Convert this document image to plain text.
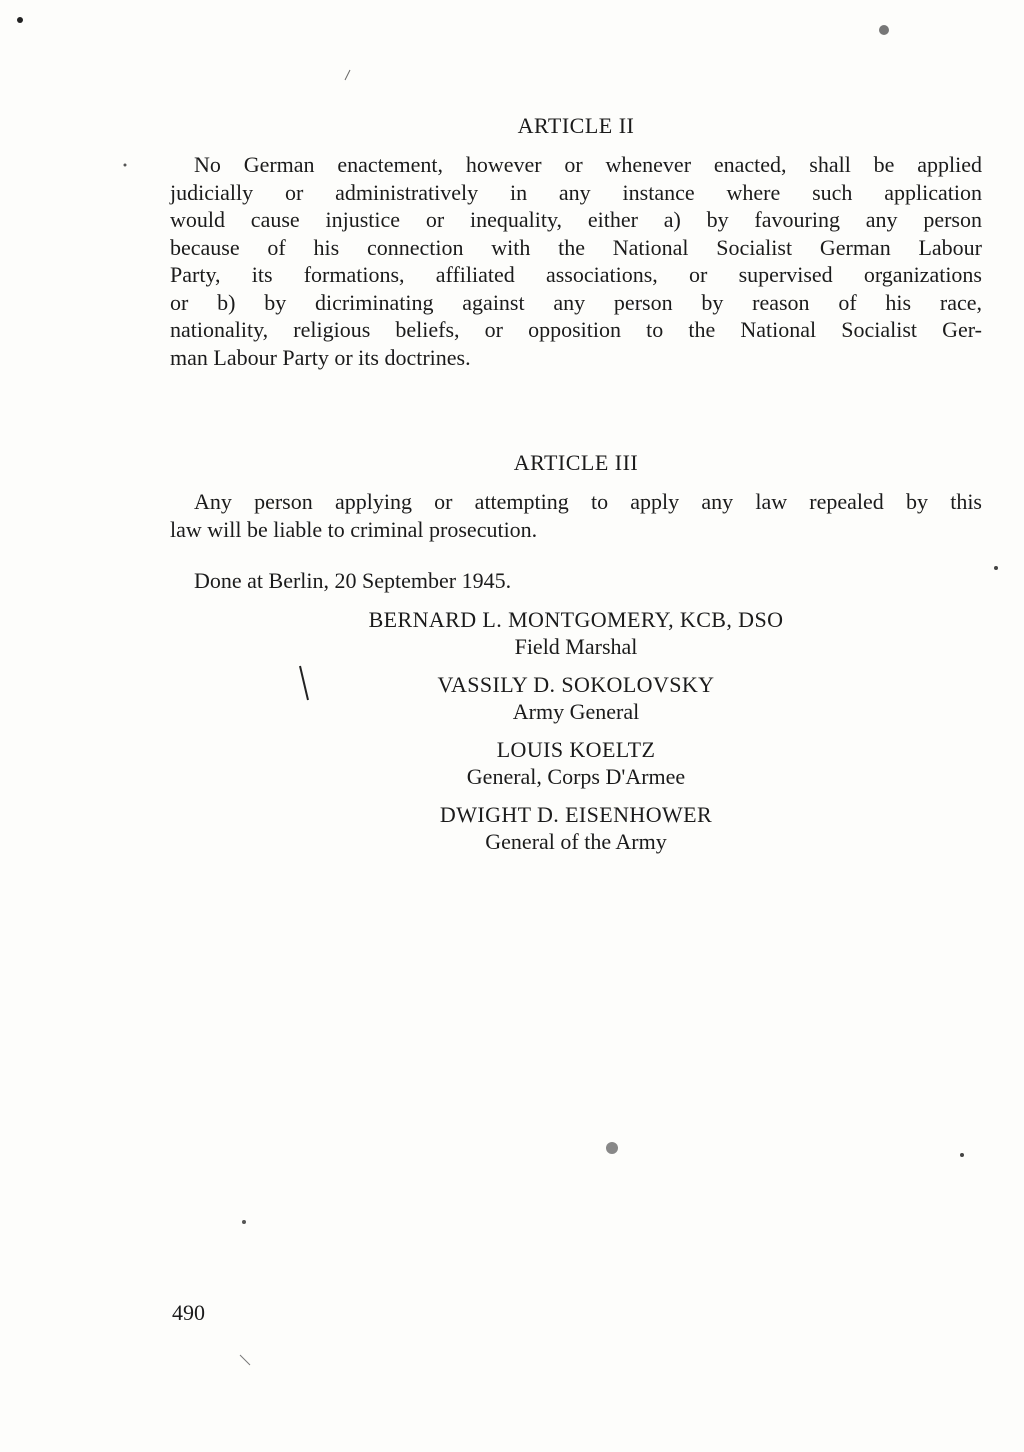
ARTICLE II
No German enactement, however or whenever enacted, shall be applied
judicially or administratively in any instance where such application
would cause injustice or inequality, either a) by favouring any person
because of his connection with the National Socialist German Labour
Party, its formations, affiliated associations, or supervised organizations
or b) by dicriminating against any person by reason of his race,
nationality, religious beliefs, or opposition to the National Socialist Ger-
man Labour Party or its doctrines.
ARTICLE III
Any person applying or attempting to apply any law repealed by this
law will be liable to criminal prosecution.
Done at Berlin, 20 September 1945.
BERNARD L. MONTGOMERY, KCB, DSO
Field Marshal
VASSILY D. SOKOLOVSKY
Army General
LOUIS KOELTZ
General, Corps D'Armee
DWIGHT D. EISENHOWER
General of the Army
490
